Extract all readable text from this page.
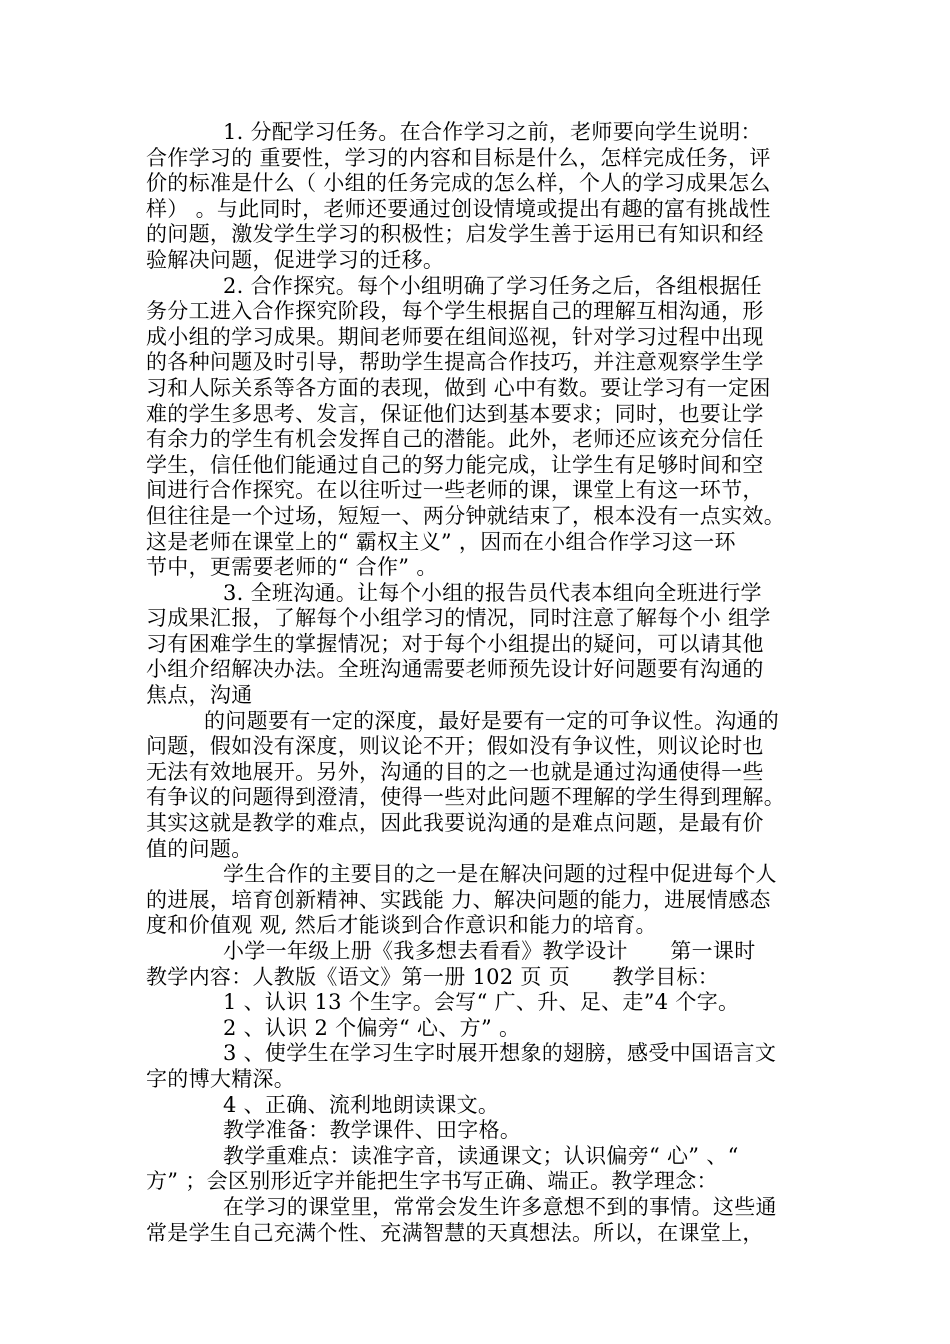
1. 分配学习任务。在合作学习之前，老师要向学生说明：
合作学习的 重要性，学习的内容和目标是什么，怎样完成任务，评
价的标准是什么（ 小组的任务完成的怎么样，个人的学习成果怎么
样） 。与此同时，老师还要通过创设情境或提出有趣的富有挑战性
的问题，激发学生学习的积极性；启发学生善于运用已有知识和经
验解决问题，促进学习的迁移。
2. 合作探究。每个小组明确了学习任务之后，各组根据任
务分工进入合作探究阶段，每个学生根据自己的理解互相沟通，形
成小组的学习成果。期间老师要在组间巡视，针对学习过程中出现
的各种问题及时引导，帮助学生提高合作技巧，并注意观察学生学
习和人际关系等各方面的表现，做到 心中有数。要让学习有一定困
难的学生多思考、发言，保证他们达到基本要求；同时，也要让学
有余力的学生有机会发挥自己的潜能。此外，老师还应该充分信任
学生，信任他们能通过自己的努力能完成，让学生有足够时间和空
间进行合作探究。在以往听过一些老师的课，课堂上有这一环节，
但往往是一个过场，短短一、两分钟就结束了，根本没有一点实效。
这是老师在课堂上的“ 霸权主义” ，因而在小组合作学习这一环
节中，更需要老师的“ 合作” 。
3. 全班沟通。让每个小组的报告员代表本组向全班进行学
习成果汇报，了解每个小组学习的情况，同时注意了解每个小 组学
习有困难学生的掌握情况；对于每个小组提出的疑问，可以请其他
小组介绍解决办法。全班沟通需要老师预先设计好问题要有沟通的
焦点，沟通
的问题要有一定的深度，最好是要有一定的可争议性。沟通的
问题，假如没有深度，则议论不开；假如没有争议性，则议论时也
无法有效地展开。另外，沟通的目的之一也就是通过沟通使得一些
有争议的问题得到澄清，使得一些对此问题不理解的学生得到理解。
其实这就是教学的难点，因此我要说沟通的是难点问题，是最有价
值的问题。
学生合作的主要目的之一是在解决问题的过程中促进每个人
的进展，培育创新精神、实践能 力、解决问题的能力，进展情感态
度和价值观 观, 然后才能谈到合作意识和能力的培育。
小学一年级上册《我多想去看看》教学设计　　第一课时
教学内容：人教版《语文》第一册 102 页 页　　教学目标：
1 、认识 13 个生字。会写“ 广、升、足、走”4 个字。
2 、认识 2 个偏旁“ 心、方” 。
3 、使学生在学习生字时展开想象的翅膀，感受中国语言文
字的博大精深。
4 、正确、流利地朗读课文。
教学准备：教学课件、田字格。
教学重难点：读准字音，读通课文；认识偏旁“ 心” 、“
方” ；会区别形近字并能把生字书写正确、端正。教学理念：
在学习的课堂里，常常会发生许多意想不到的事情。这些通
常是学生自己充满个性、充满智慧的天真想法。所以，在课堂上，
